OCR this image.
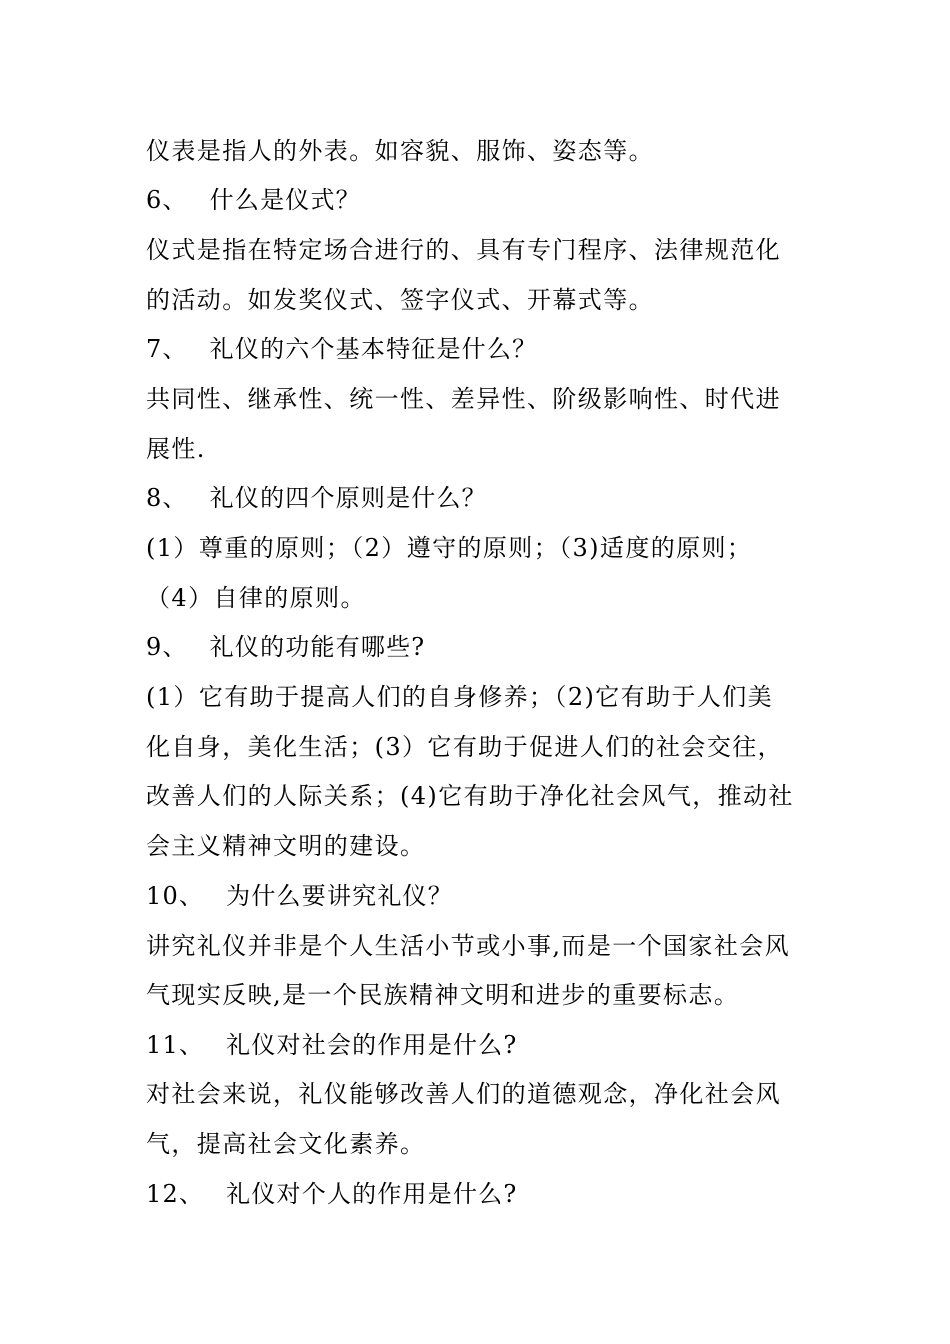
仪表是指人的外表。如容貌、服饰、姿态等。
6、 什么是仪式？
仪式是指在特定场合进行的、具有专门程序、法律规范化
的活动。如发奖仪式、签字仪式、开幕式等。
7、 礼仪的六个基本特征是什么？
共同性、继承性、统一性、差异性、阶级影响性、时代进
展性.
8、 礼仪的四个原则是什么？
(1）尊重的原则；（2）遵守的原则；（3)适度的原则；
（4）自律的原则。
9、 礼仪的功能有哪些?
(1）它有助于提高人们的自身修养；（2)它有助于人们美
化自身，美化生活；(3）它有助于促进人们的社会交往，
改善人们的人际关系；(4)它有助于净化社会风气，推动社
会主义精神文明的建设。
10、 为什么要讲究礼仪？
讲究礼仪并非是个人生活小节或小事,而是一个国家社会风
气现实反映,是一个民族精神文明和进步的重要标志。
11、 礼仪对社会的作用是什么?
对社会来说，礼仪能够改善人们的道德观念，净化社会风
气，提高社会文化素养。
12、 礼仪对个人的作用是什么?
